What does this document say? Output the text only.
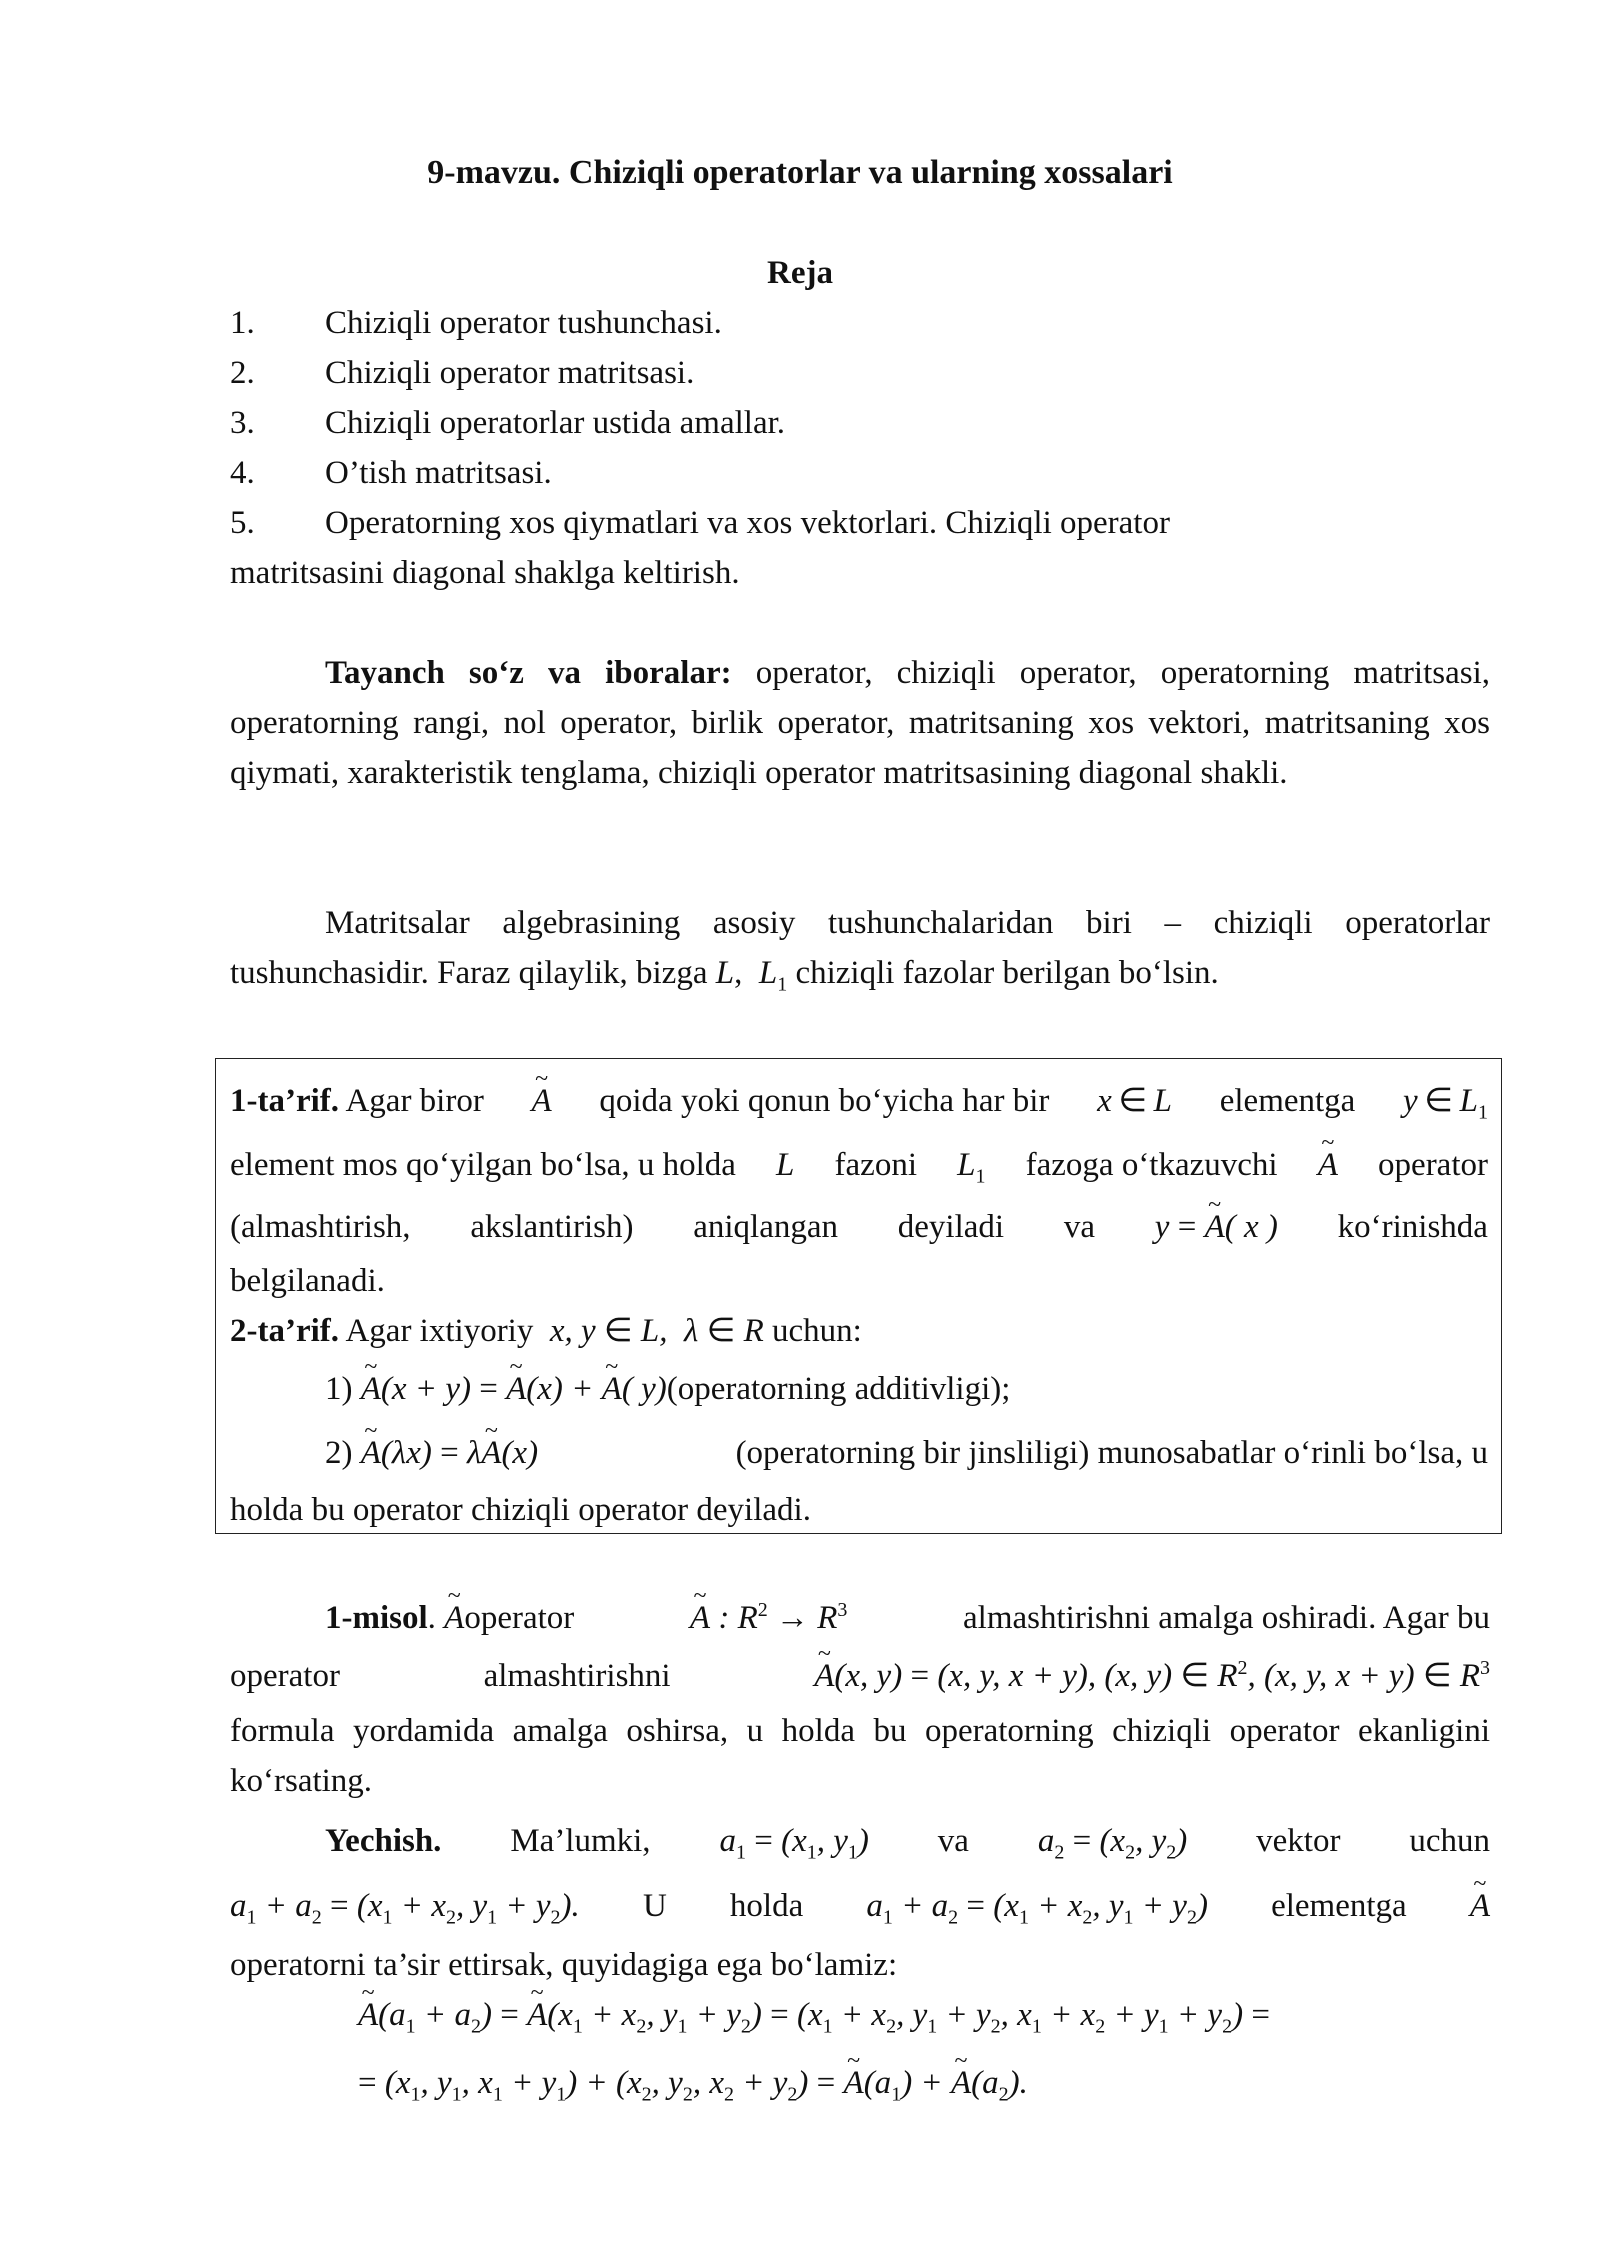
9-mavzu. Chiziqli operatorlar va ularning xossalari
Reja
1.	Chiziqli operator tushunchasi.
2.	Chiziqli operator matritsasi.
3.	Chiziqli operatorlar ustida amallar.
4.	O’tish matritsasi.
5.	Operatorning xos qiymatlari va xos vektorlari. Chiziqli operator
matritsasini diagonal shaklga keltirish.
Tayanch so‘z va iboralar: operator, chiziqli operator, operatorning matritsasi, operatorning rangi, nol operator, birlik operator, matritsaning xos vektori, matritsaning xos qiymati, xarakteristik tenglama, chiziqli operator matritsasining diagonal shakli.
Matritsalar algebrasining asosiy tushunchalaridan biri – chiziqli operatorlar tushunchasidir. Faraz qilaylik, bizga L,  $L_1$ chiziqli fazolar berilgan bo‘lsin.
1-ta’rif. Agar biror ~ A qoida yoki qonun bo‘yicha har bir x ∈ L elementga y ∈ $L_1$
element mos qo‘yilgan bo‘lsa, u holda L fazoni $L_1$ fazoga o‘tkazuvchi ~ A operator
(almashtirish, akslantirish) aniqlangan deyiladi va y = ~ A( x ) ko‘rinishda
belgilanadi.
2-ta’rif. Agar ixtiyoriy  x, y ∈ L,  λ ∈ R uchun:
1) ~ A(x + y) = ~ A(x) + ~ A( y)(operatorning additivligi);
2) ~ A(λx) = λ~ A(x)	(operatorning bir jinsliligi) munosabatlar o‘rinli bo‘lsa, u
holda bu operator chiziqli operator deyiladi.
1-misol. ~ Aoperator	~ A : $R^2 \to R^3$	almashtirishni amalga oshiradi. Agar bu
operator	almashtirishni	~ A(x, y) = (x, y, x + y), (x, y) ∈ $R^2$, (x, y, x + y) ∈ $R^3$
formula yordamida amalga oshirsa, u holda bu operatorning chiziqli operator ekanligini ko‘rsating.
Yechish. Ma’lumki, $a_1 = (x_1$, $y_1$) va $a_2 = (x_2$, $y_2$) vektor uchun
$a_1 + a_2 = (x_1 + x_2$, $y_1 + y_2$). U holda $a_1 + a_2 = (x_1 + x_2$, $y_1 + y_2$) elementga ~ A
operatorni ta’sir ettirsak, quyidagiga ega bo‘lamiz:
~ $A(a_1 + a_2)$ = ~ $A(x_1 + x_2$, $y_1 + y_2) = (x_1 + x_2$, $y_1 + y_2$, $x_1 + x_2 + y_1 + y_2$) =
= ($x_1$, $y_1$, $x_1 + y_1) + (x_2$, $y_2$, $x_2 + y_2$) = ~ $A(a_1)$ + ~ $A(a_2)$.
